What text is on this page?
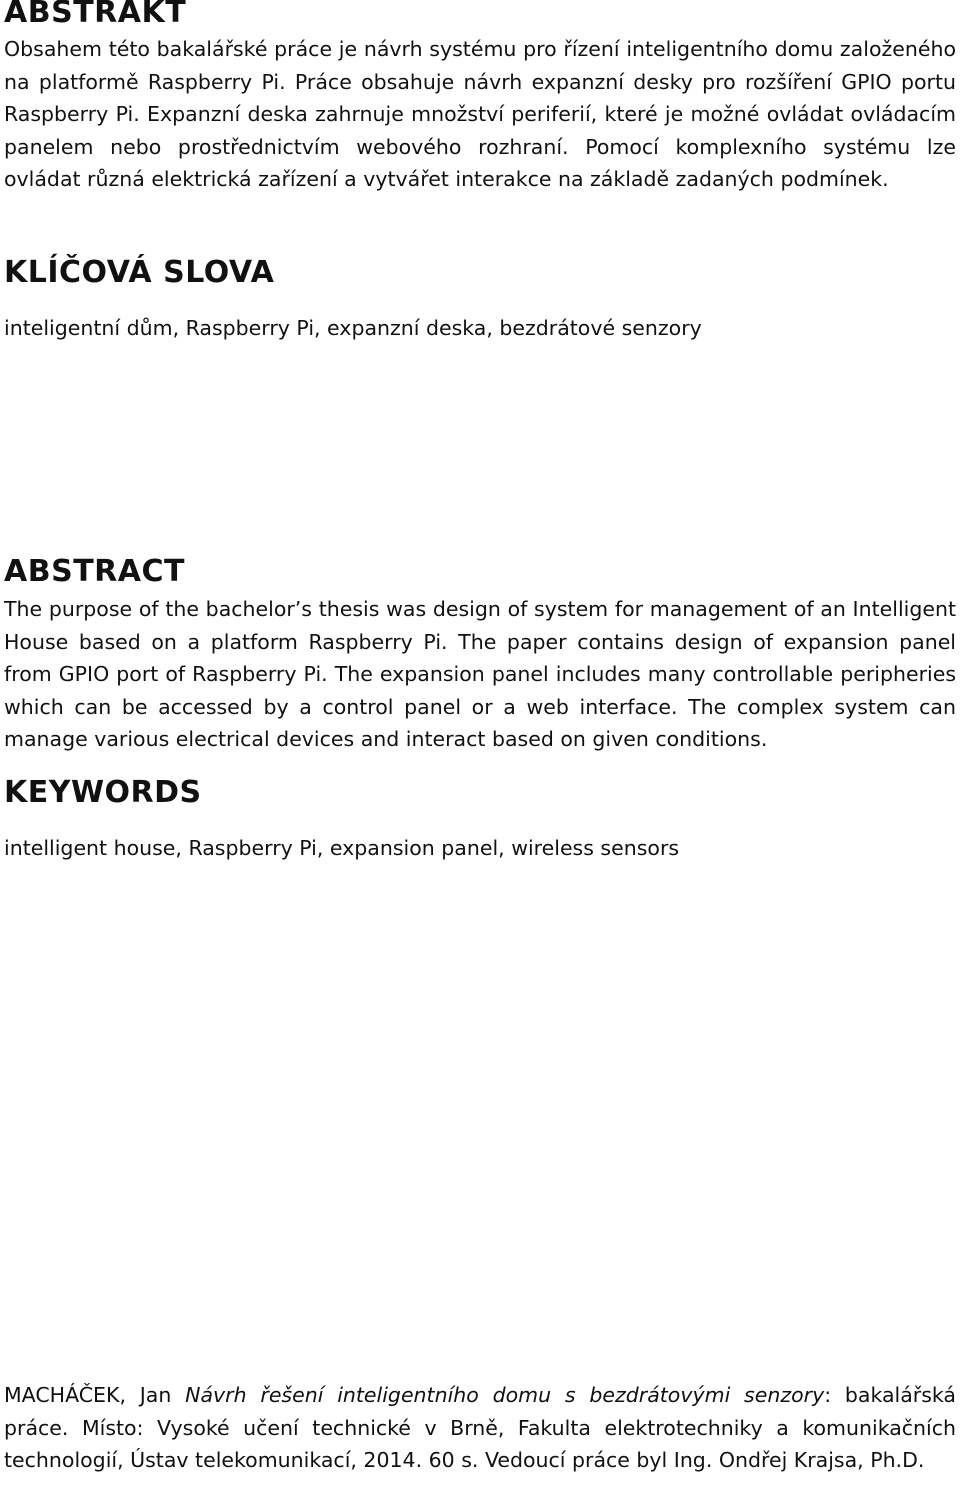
ABSTRAKT

Obsahem této bakalářské práce je návrh systému pro řízení inteligentního domu založeného na platformě Raspberry Pi. Práce obsahuje návrh expanzní desky pro rozšíření GPIO portu Raspberry Pi. Expanzní deska zahrnuje množství periferií, které je možné ovládat ovládacím panelem nebo prostřednictvím webového rozhraní. Pomocí komplexního systému lze ovládat různá elektrická zařízení a vytvářet interakce na základě zadaných podmínek.

KLÍČOVÁ SLOVA

inteligentní dům, Raspberry Pi, expanzní deska, bezdrátové senzory

ABSTRACT

The purpose of the bachelor’s thesis was design of system for management of an Intelligent House based on a platform Raspberry Pi. The paper contains design of expansion panel from GPIO port of Raspberry Pi. The expansion panel includes many controllable peripheries which can be accessed by a control panel or a web interface. The complex system can manage various electrical devices and interact based on given conditions.

KEYWORDS

intelligent house, Raspberry Pi, expansion panel, wireless sensors

MACHÁČEK, Jan Návrh řešení inteligentního domu s bezdrátovými senzory: bakalářská práce. Místo: Vysoké učení technické v Brně, Fakulta elektrotechniky a komunikačních technologií, Ústav telekomunikací, 2014. 60 s. Vedoucí práce byl Ing. Ondřej Krajsa, Ph.D.
